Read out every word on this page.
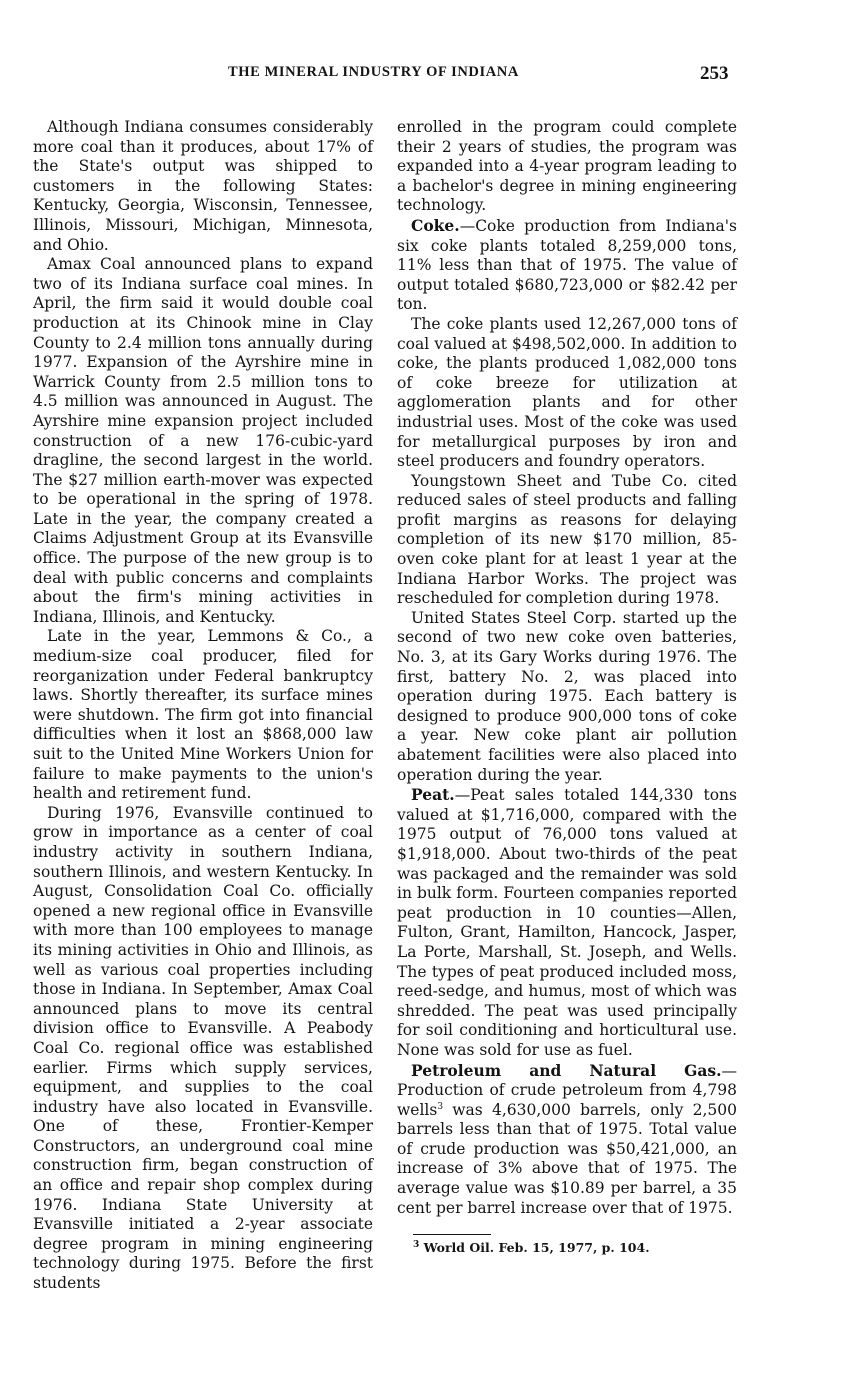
THE MINERAL INDUSTRY OF INDIANA	253

Although Indiana consumes considerably more coal than it produces, about 17% of the State's output was shipped to customers in the following States: Kentucky, Georgia, Wisconsin, Tennessee, Illinois, Missouri, Michigan, Minnesota, and Ohio.

Amax Coal announced plans to expand two of its Indiana surface coal mines. In April, the firm said it would double coal production at its Chinook mine in Clay County to 2.4 million tons annually during 1977. Expansion of the Ayrshire mine in Warrick County from 2.5 million tons to 4.5 million was announced in August. The Ayrshire mine expansion project included construction of a new 176-cubic-yard dragline, the second largest in the world. The $27 million earth-mover was expected to be operational in the spring of 1978. Late in the year, the company created a Claims Adjustment Group at its Evansville office. The purpose of the new group is to deal with public concerns and complaints about the firm's mining activities in Indiana, Illinois, and Kentucky.

Late in the year, Lemmons & Co., a medium-size coal producer, filed for reorganization under Federal bankruptcy laws. Shortly thereafter, its surface mines were shutdown. The firm got into financial difficulties when it lost an $868,000 law suit to the United Mine Workers Union for failure to make payments to the union's health and retirement fund.

During 1976, Evansville continued to grow in importance as a center of coal industry activity in southern Indiana, southern Illinois, and western Kentucky. In August, Consolidation Coal Co. officially opened a new regional office in Evansville with more than 100 employees to manage its mining activities in Ohio and Illinois, as well as various coal properties including those in Indiana. In September, Amax Coal announced plans to move its central division office to Evansville. A Peabody Coal Co. regional office was established earlier. Firms which supply services, equipment, and supplies to the coal industry have also located in Evansville. One of these, Frontier-Kemper Constructors, an underground coal mine construction firm, began construction of an office and repair shop complex during 1976. Indiana State University at Evansville initiated a 2-year associate degree program in mining engineering technology during 1975. Before the first students

enrolled in the program could complete their 2 years of studies, the program was expanded into a 4-year program leading to a bachelor's degree in mining engineering technology.

Coke.—Coke production from Indiana's six coke plants totaled 8,259,000 tons, 11% less than that of 1975. The value of output totaled $680,723,000 or $82.42 per ton.

The coke plants used 12,267,000 tons of coal valued at $498,502,000. In addition to coke, the plants produced 1,082,000 tons of coke breeze for utilization at agglomeration plants and for other industrial uses. Most of the coke was used for metallurgical purposes by iron and steel producers and foundry operators.

Youngstown Sheet and Tube Co. cited reduced sales of steel products and falling profit margins as reasons for delaying completion of its new $170 million, 85-oven coke plant for at least 1 year at the Indiana Harbor Works. The project was rescheduled for completion during 1978.

United States Steel Corp. started up the second of two new coke oven batteries, No. 3, at its Gary Works during 1976. The first, battery No. 2, was placed into operation during 1975. Each battery is designed to produce 900,000 tons of coke a year. New coke plant air pollution abatement facilities were also placed into operation during the year.

Peat.—Peat sales totaled 144,330 tons valued at $1,716,000, compared with the 1975 output of 76,000 tons valued at $1,918,000. About two-thirds of the peat was packaged and the remainder was sold in bulk form. Fourteen companies reported peat production in 10 counties—Allen, Fulton, Grant, Hamilton, Hancock, Jasper, La Porte, Marshall, St. Joseph, and Wells. The types of peat produced included moss, reed-sedge, and humus, most of which was shredded. The peat was used principally for soil conditioning and horticultural use. None was sold for use as fuel.

Petroleum and Natural Gas.—Production of crude petroleum from 4,798 wells$^3$ was 4,630,000 barrels, only 2,500 barrels less than that of 1975. Total value of crude production was $50,421,000, an increase of 3% above that of 1975. The average value was $10.89 per barrel, a 35 cent per barrel increase over that of 1975.

$^3$ World Oil. Feb. 15, 1977, p. 104.
